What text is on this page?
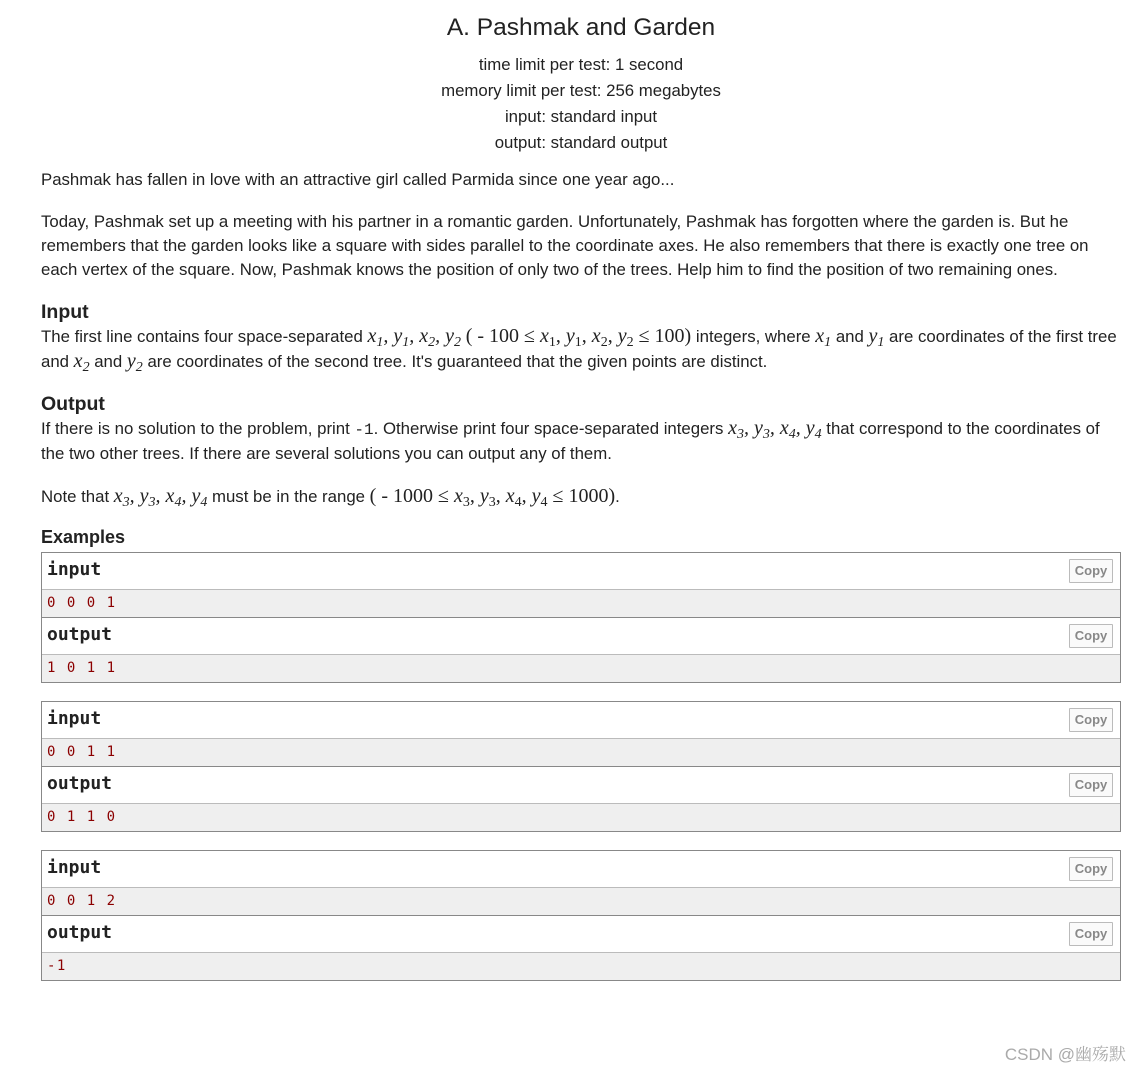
A. Pashmak and Garden
time limit per test: 1 second
memory limit per test: 256 megabytes
input: standard input
output: standard output

Pashmak has fallen in love with an attractive girl called Parmida since one year ago...

Today, Pashmak set up a meeting with his partner in a romantic garden. Unfortunately, Pashmak has forgotten where the garden is. But he remembers that the garden looks like a square with sides parallel to the coordinate axes. He also remembers that there is exactly one tree on each vertex of the square. Now, Pashmak knows the position of only two of the trees. Help him to find the position of two remaining ones.

Input

The first line contains four space-separated $x_1$, $y_1$, $x_2$, $y_2$ ( - $100 \le x_1$, $y_1$, $x_2$, $y_2 \le 100$) integers, where $x_1$ and $y_1$ are coordinates of the first tree and $x_2$ and $y_2$ are coordinates of the second tree. It's guaranteed that the given points are distinct.

Output

If there is no solution to the problem, print -1. Otherwise print four space-separated integers $x_3$, $y_3$, $x_4$, $y_4$ that correspond to the coordinates of the two other trees. If there are several solutions you can output any of them.

Note that $x_3$, $y_3$, $x_4$, $y_4$ must be in the range ( - $1000 \le x_3$, $y_3$, $x_4$, $y_4 \le 1000$).

Examples
input	Copy
0 0 0 1
output	Copy
1 0 1 1
input	Copy
0 0 1 1
output	Copy
0 1 1 0
input	Copy
0 0 1 2
output	Copy
-1
CSDN @幽殇默
